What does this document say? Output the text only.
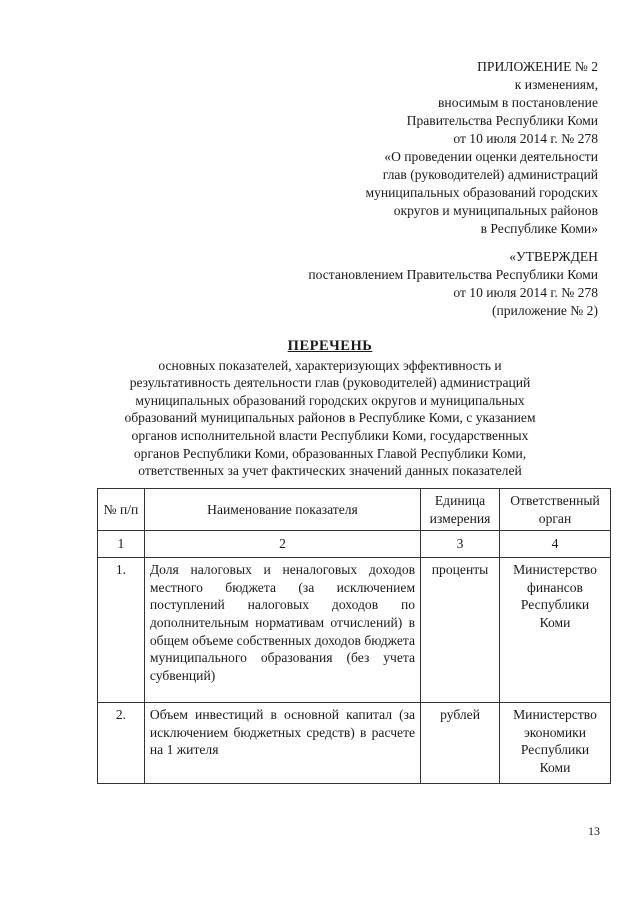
ПРИЛОЖЕНИЕ № 2
к изменениям,
вносимым в постановление
Правительства Республики Коми
от 10 июля 2014 г. № 278
«О проведении оценки деятельности
глав (руководителей) администраций
муниципальных образований городских
округов и муниципальных районов
в Республике Коми»
«УТВЕРЖДЕН
постановлением Правительства Республики Коми
от 10 июля 2014 г. № 278
(приложение № 2)
ПЕРЕЧЕНЬ
основных показателей, характеризующих эффективность и
результативность деятельности глав (руководителей) администраций
муниципальных образований городских округов и муниципальных
образований муниципальных районов в Республике Коми, с указанием
органов исполнительной власти Республики Коми, государственных
органов Республики Коми, образованных Главой Республики Коми,
ответственных за учет фактических значений данных показателей
№ п/п	Наименование показателя	Единица измерения	Ответственный орган
1	2	3	4
1.	Доля налоговых и неналоговых доходов местного бюджета (за исключением поступлений налоговых доходов по дополнительным нормативам отчислений) в общем объеме собственных доходов бюджета муниципального образования (без учета субвенций)	проценты	Министерство финансов Республики Коми
2.	Объем инвестиций в основной капитал (за исключением бюджетных средств) в расчете на 1 жителя	рублей	Министерство экономики Республики Коми
13
